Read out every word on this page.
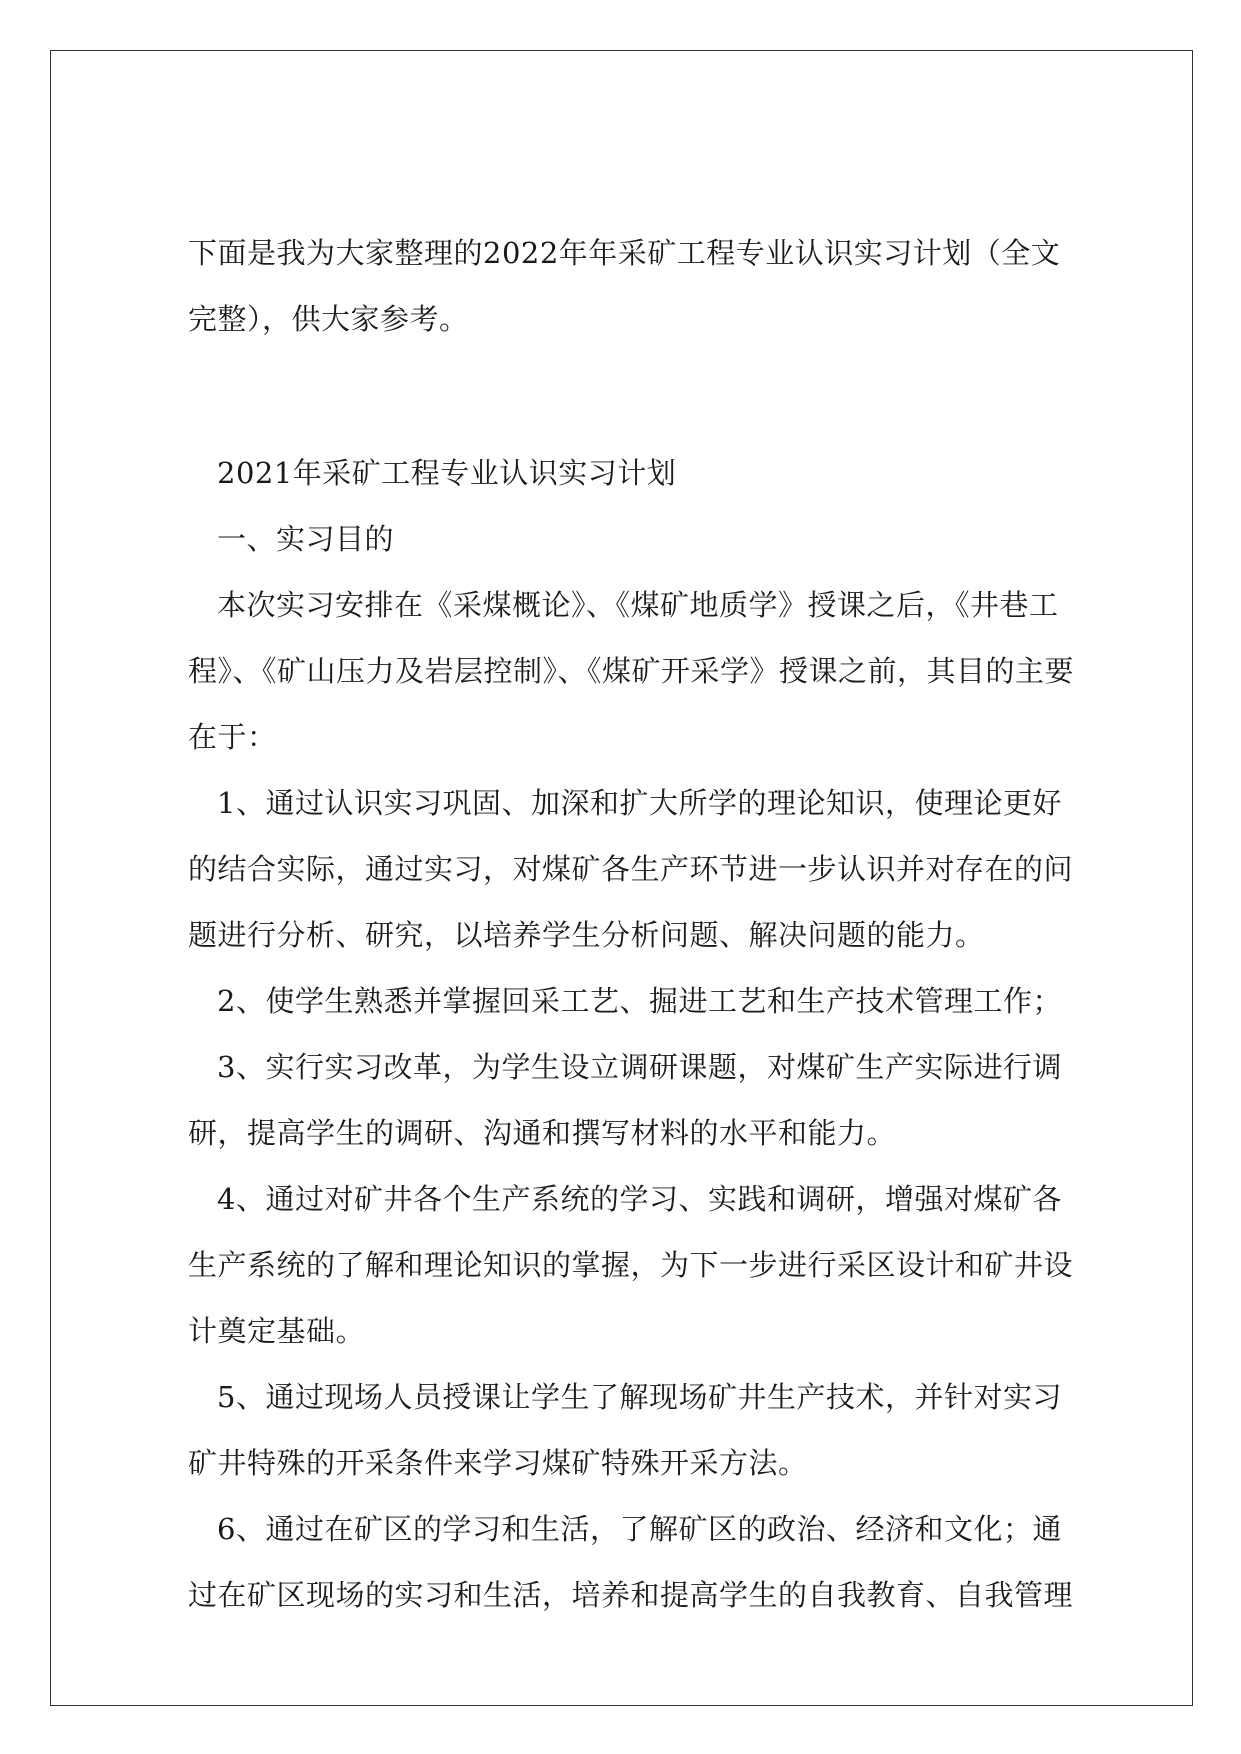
下面是我为大家整理的2022年年采矿工程专业认识实习计划（全文
完整），供大家参考。
2021年采矿工程专业认识实习计划
一、实习目的
本次实习安排在《采煤概论》、《煤矿地质学》授课之后，《井巷工
程》、《矿山压力及岩层控制》、《煤矿开采学》授课之前，其目的主要
在于：
1、通过认识实习巩固、加深和扩大所学的理论知识，使理论更好
的结合实际，通过实习，对煤矿各生产环节进一步认识并对存在的问
题进行分析、研究，以培养学生分析问题、解决问题的能力。
2、使学生熟悉并掌握回采工艺、掘进工艺和生产技术管理工作；
3、实行实习改革，为学生设立调研课题，对煤矿生产实际进行调
研，提高学生的调研、沟通和撰写材料的水平和能力。
4、通过对矿井各个生产系统的学习、实践和调研，增强对煤矿各
生产系统的了解和理论知识的掌握，为下一步进行采区设计和矿井设
计奠定基础。
5、通过现场人员授课让学生了解现场矿井生产技术，并针对实习
矿井特殊的开采条件来学习煤矿特殊开采方法。
6、通过在矿区的学习和生活，了解矿区的政治、经济和文化；通
过在矿区现场的实习和生活，培养和提高学生的自我教育、自我管理
